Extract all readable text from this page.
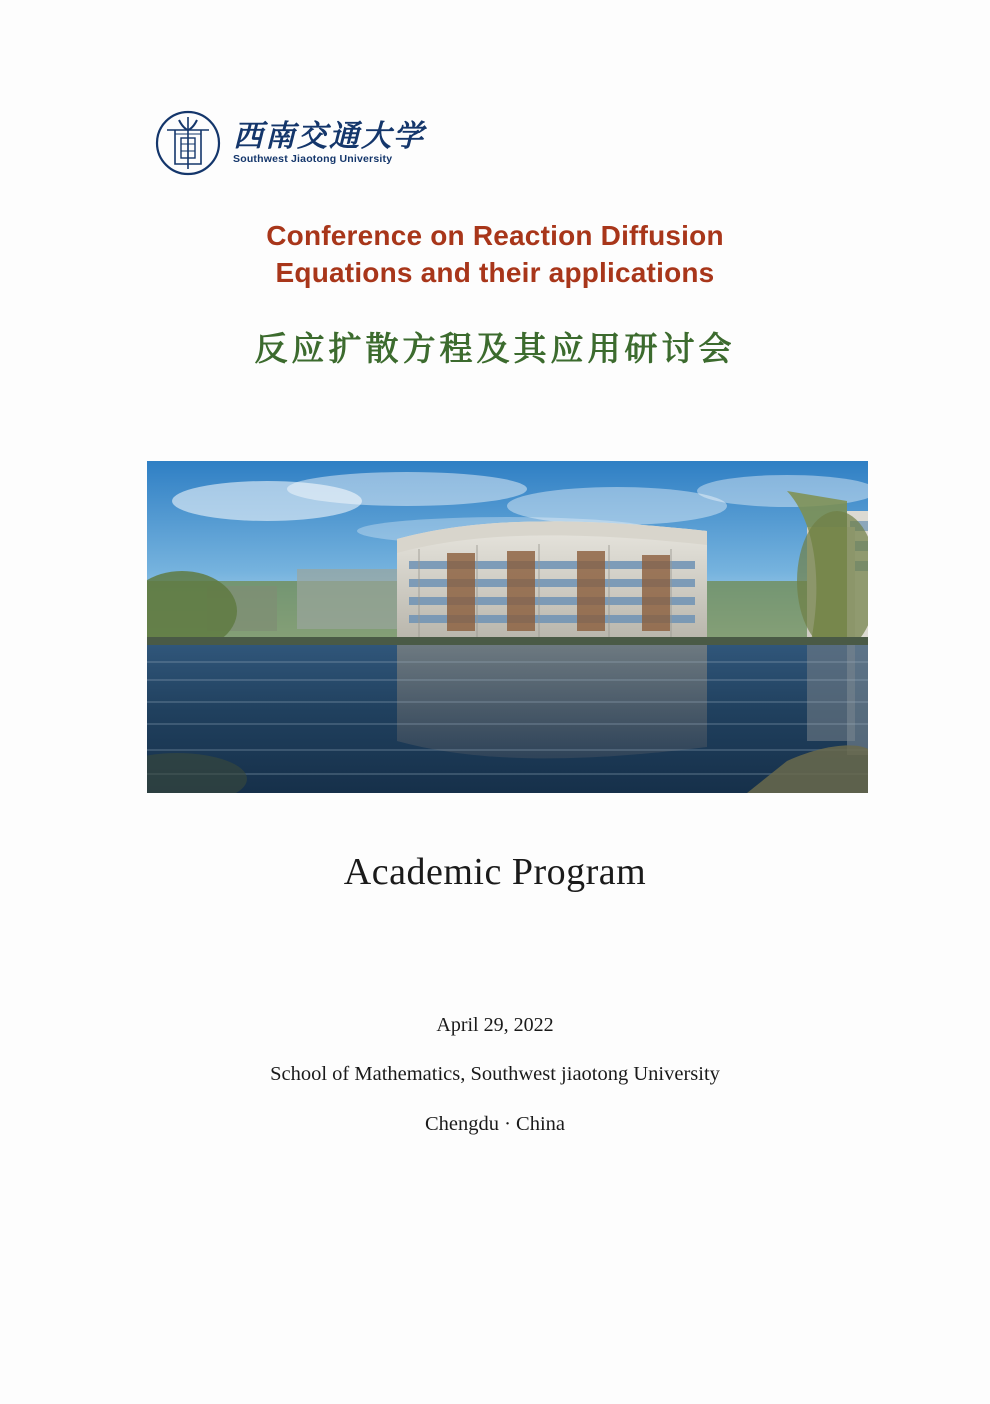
西南交通大学
Southwest Jiaotong University
Conference on Reaction Diffusion
Equations and their applications
反应扩散方程及其应用研讨会
Academic Program
April 29, 2022
School of Mathematics, Southwest jiaotong University
Chengdu · China
